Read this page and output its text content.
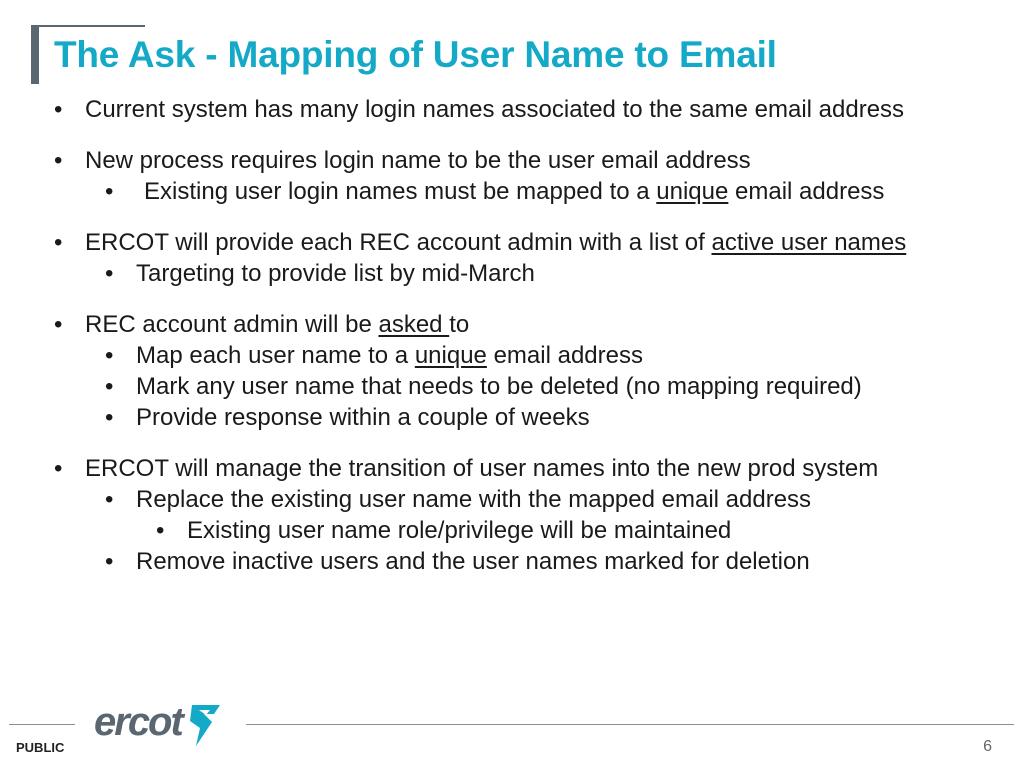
The Ask - Mapping of User Name to Email
• Current system has many login names associated to the same email address
• New process requires login name to be the user email address
• Existing user login names must be mapped to a unique email address
• ERCOT will provide each REC account admin with a list of active user names
• Targeting to provide list by mid-March
• REC account admin will be asked to
• Map each user name to a unique email address
• Mark any user name that needs to be deleted (no mapping required)
• Provide response within a couple of weeks
• ERCOT will manage the transition of user names into the new prod system
• Replace the existing user name with the mapped email address
• Existing user name role/privilege will be maintained
• Remove inactive users and the user names marked for deletion
ercot
PUBLIC	6
